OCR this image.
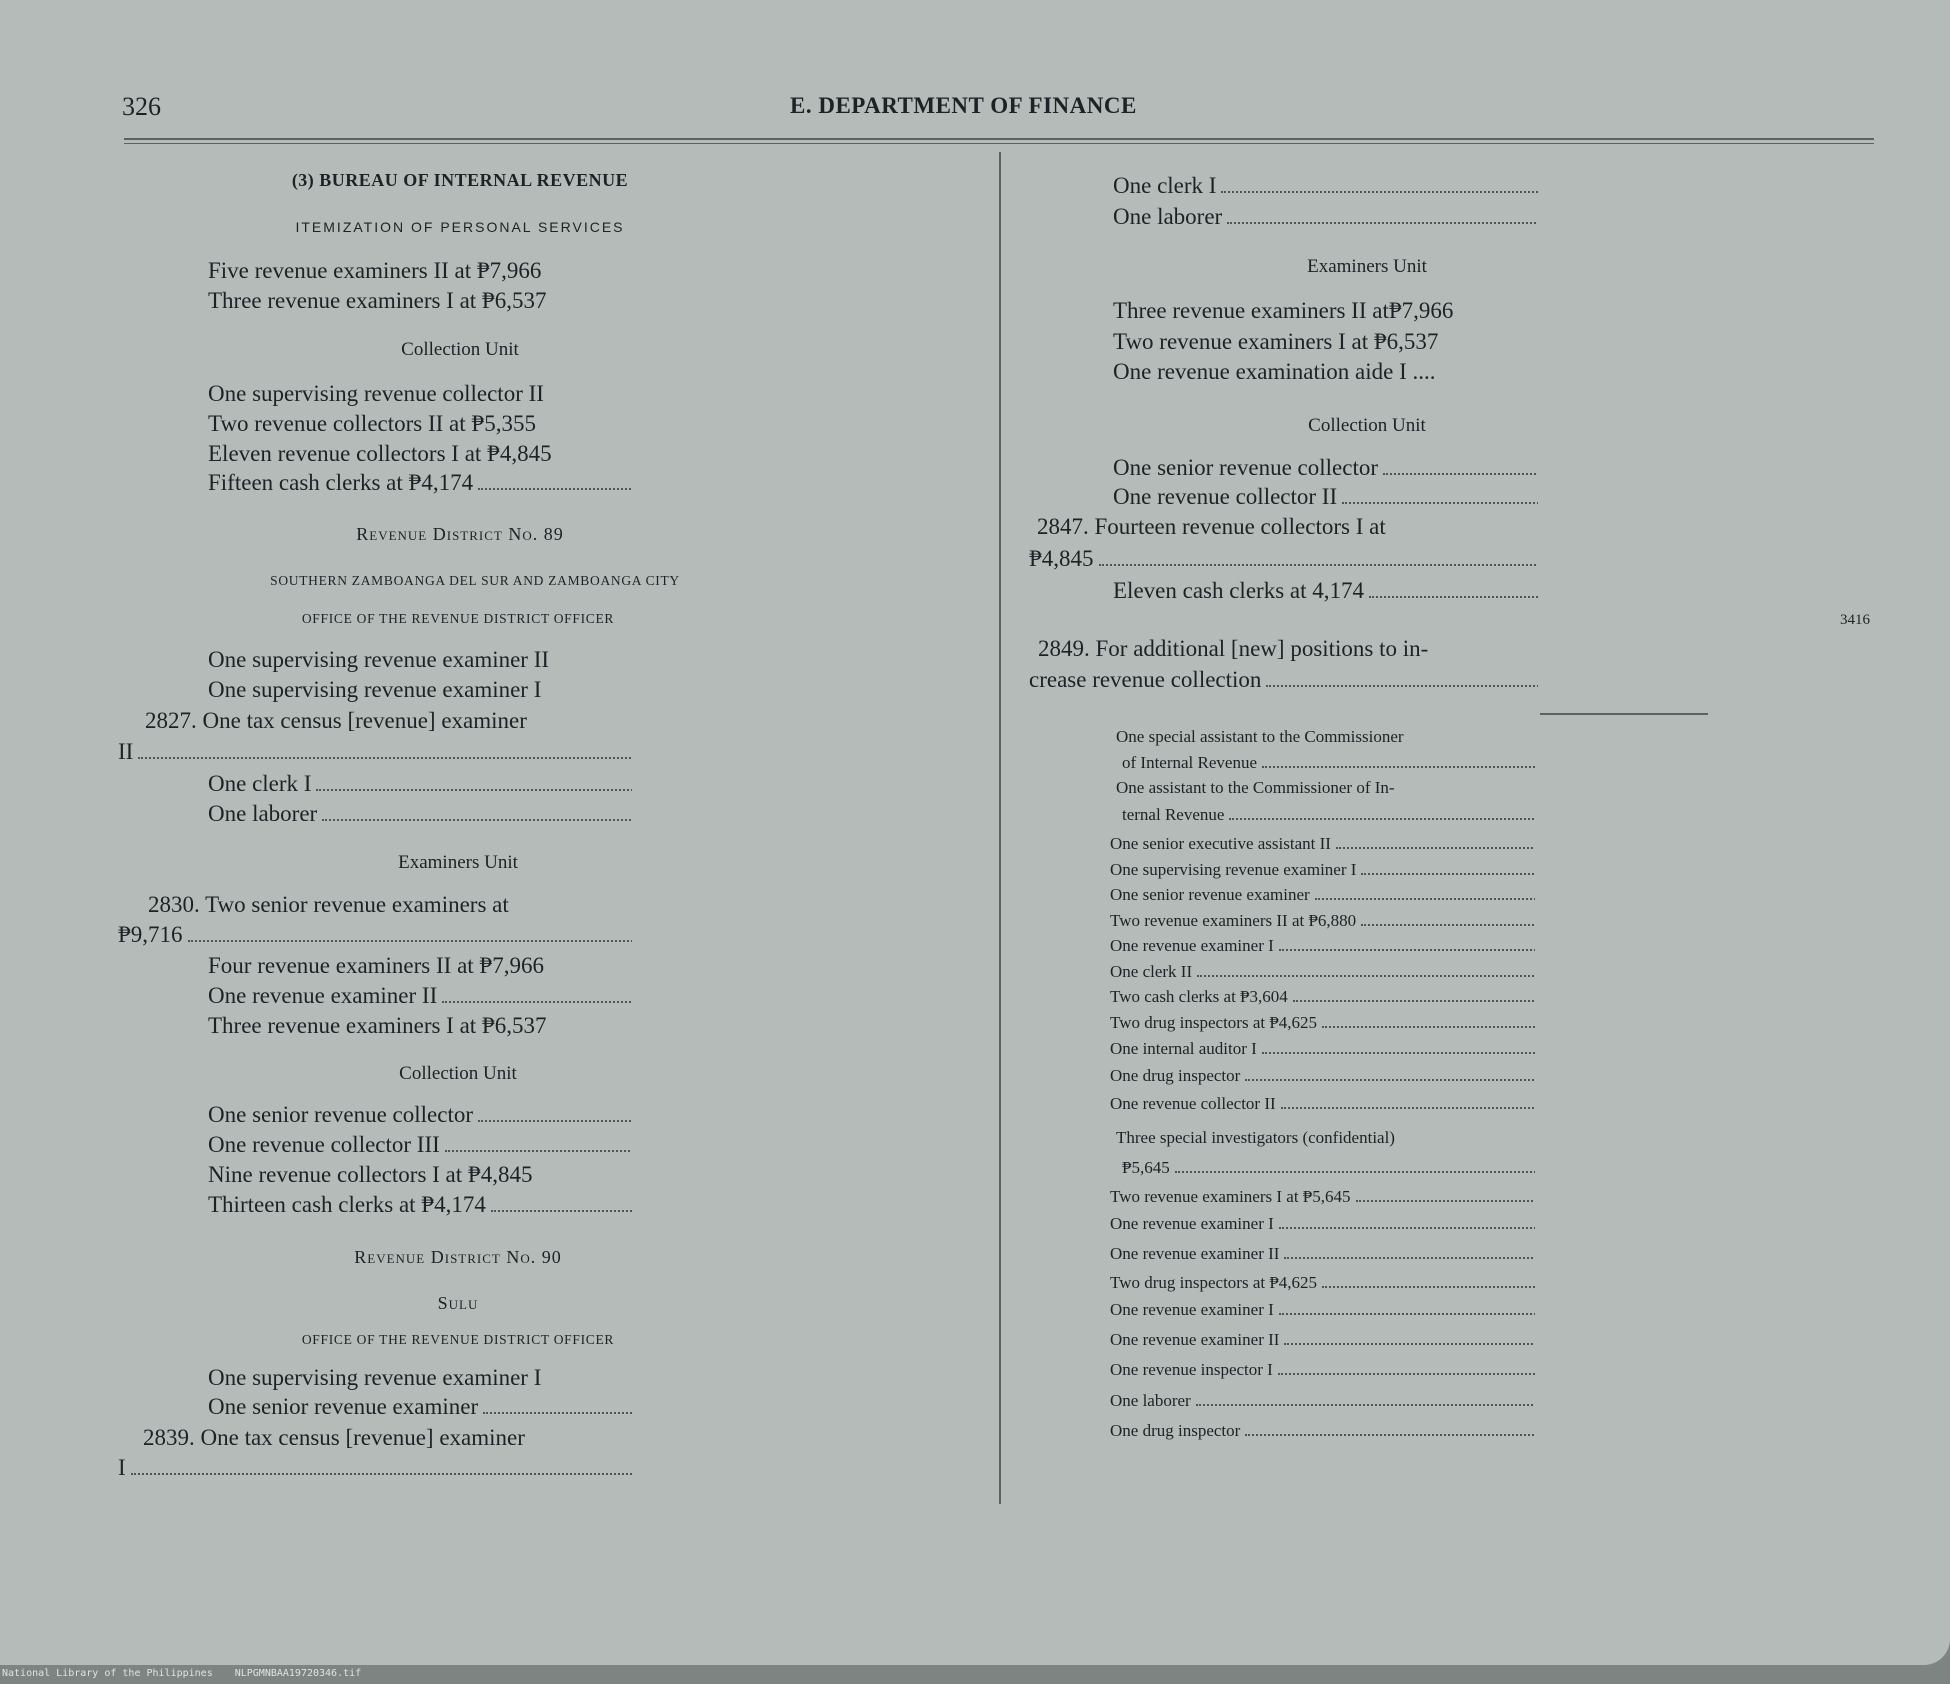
326	E. DEPARTMENT OF FINANCE
(3) BUREAU OF INTERNAL REVENUE
ITEMIZATION OF PERSONAL SERVICES
Five revenue examiners II at ₱7,966
Three revenue examiners I at ₱6,537
Collection Unit
One supervising revenue collector II
Two revenue collectors II at ₱5,355
Eleven revenue collectors I at ₱4,845
Fifteen cash clerks at ₱4,174
Revenue District No. 89
SOUTHERN ZAMBOANGA DEL SUR AND ZAMBOANGA CITY
OFFICE OF THE REVENUE DISTRICT OFFICER
One supervising revenue examiner II
One supervising revenue examiner I
2827. One tax census [revenue] examiner
II
One clerk I
One laborer
Examiners Unit
2830. Two senior revenue examiners at
₱9,716
Four revenue examiners II at ₱7,966
One revenue examiner II
Three revenue examiners I at ₱6,537
Collection Unit
One senior revenue collector
One revenue collector III
Nine revenue collectors I at ₱4,845
Thirteen cash clerks at ₱4,174
Revenue District No. 90
Sulu
OFFICE OF THE REVENUE DISTRICT OFFICER
One supervising revenue examiner I
One senior revenue examiner
2839. One tax census [revenue] examiner
I
One clerk I
One laborer
Examiners Unit
Three revenue examiners II at₱7,966
Two revenue examiners I at ₱6,537
One revenue examination aide I ....
Collection Unit
One senior revenue collector
One revenue collector II
2847. Fourteen revenue collectors I at
₱4,845
Eleven cash clerks at 4,174
3416
2849. For additional [new] positions to in-
crease revenue collection
One special assistant to the Commissioner
of Internal Revenue
One assistant to the Commissioner of In-
ternal Revenue
One senior executive assistant II
One supervising revenue examiner I
One senior revenue examiner
Two revenue examiners II at ₱6,880
One revenue examiner I
One clerk II
Two cash clerks at ₱3,604
Two drug inspectors at ₱4,625
One internal auditor I
One drug inspector
One revenue collector II
Three special investigators (confidential)
₱5,645
Two revenue examiners I at ₱5,645
One revenue examiner I
One revenue examiner II
Two drug inspectors at ₱4,625
One revenue examiner I
One revenue examiner II
One revenue inspector I
One laborer
One drug inspector
National Library of the Philippines NLPGMNBAA19720346.tif
